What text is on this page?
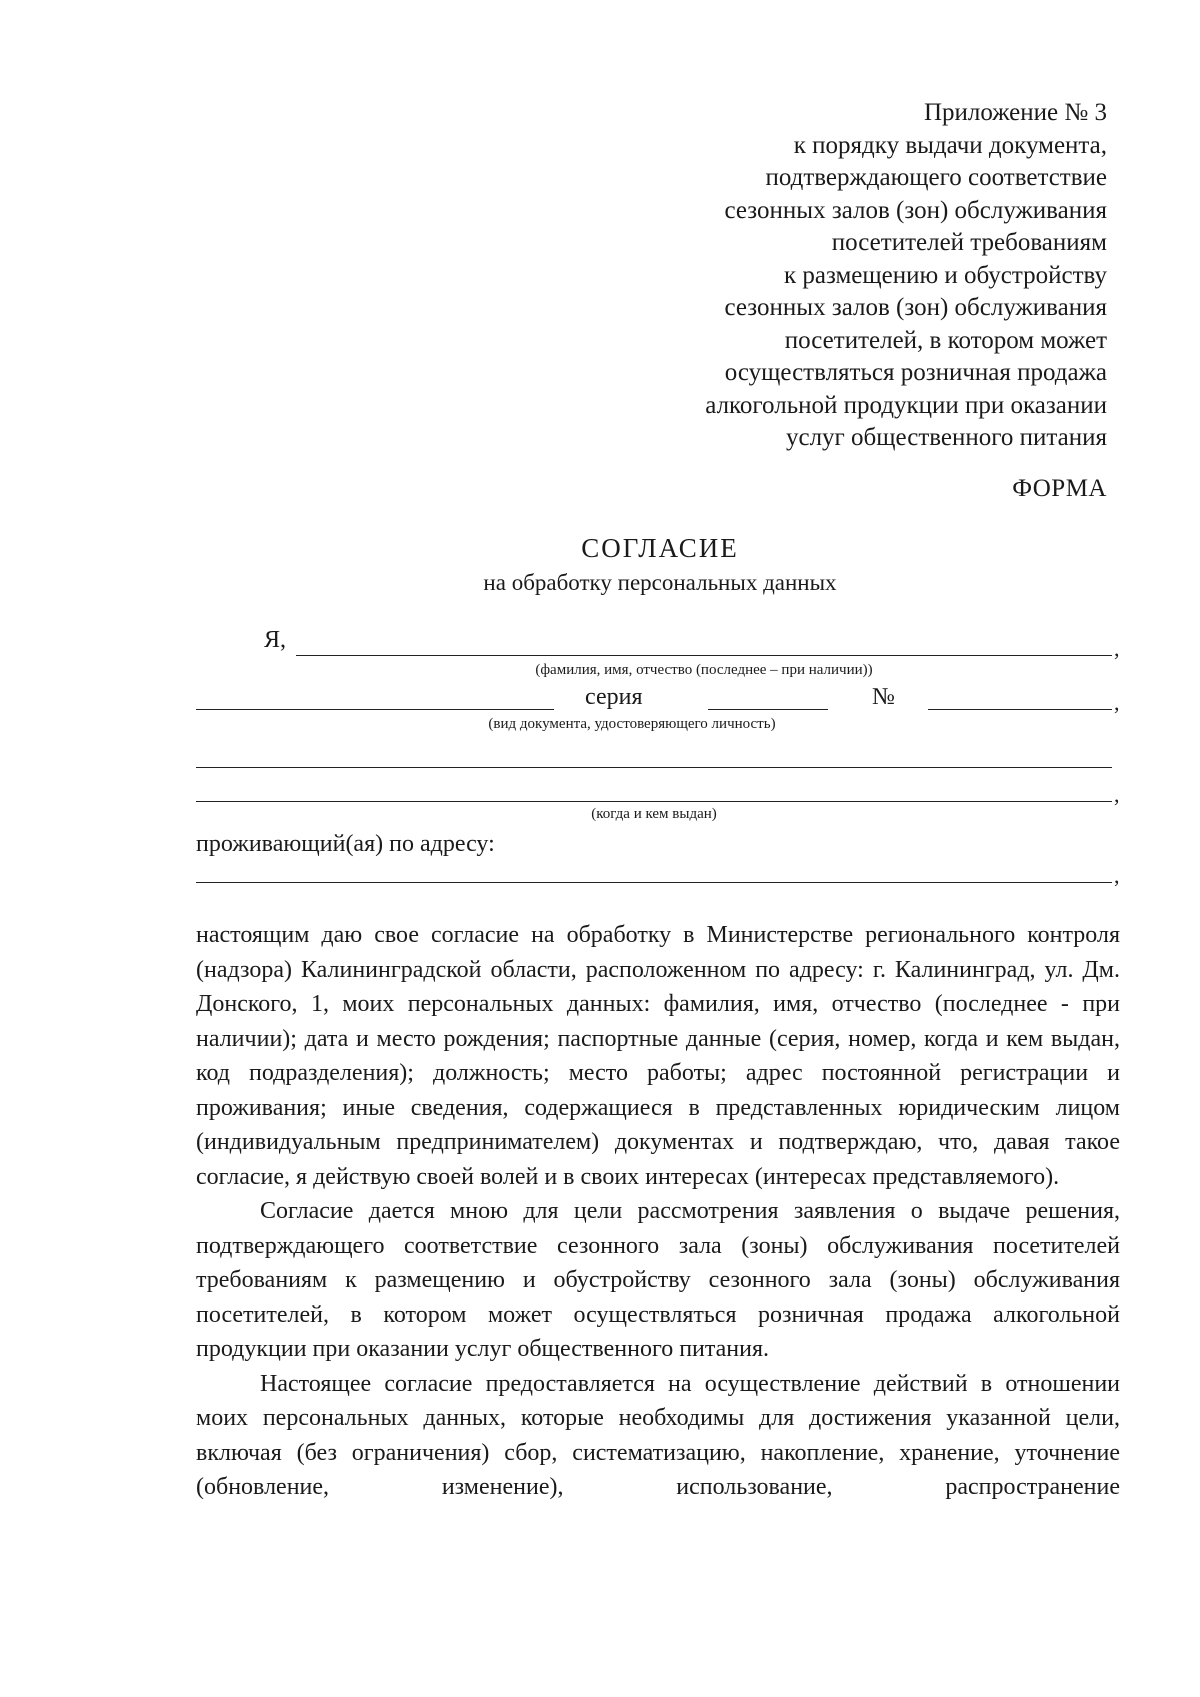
Приложение № 3
к порядку выдачи документа,
подтверждающего соответствие
сезонных залов (зон) обслуживания
посетителей требованиям
к размещению и обустройству
сезонных залов (зон) обслуживания
посетителей, в котором может
осуществляться розничная продажа
алкогольной продукции при оказании
услуг общественного питания
ФОРМА
СОГЛАСИЕ
на обработку персональных данных
Я,	,
(фамилия, имя, отчество (последнее – при наличии))
серия	№	,
(вид документа, удостоверяющего личность)
,
(когда и кем выдан)
проживающий(ая) по адресу:
,

настоящим даю свое согласие на обработку в Министерстве регионального контроля (надзора) Калининградской области, расположенном по адресу: г. Калининград, ул. Дм. Донского, 1, моих персональных данных: фамилия, имя, отчество (последнее - при наличии); дата и место рождения; паспортные данные (серия, номер, когда и кем выдан, код подразделения); должность; место работы; адрес постоянной регистрации и проживания; иные сведения, содержащиеся в представленных юридическим лицом (индивидуальным предпринимателем) документах и подтверждаю, что, давая такое согласие, я действую своей волей и в своих интересах (интересах представляемого).

Согласие дается мною для цели рассмотрения заявления о выдаче решения, подтверждающего соответствие сезонного зала (зоны) обслуживания посетителей требованиям к размещению и обустройству сезонного зала (зоны) обслуживания посетителей, в котором может осуществляться розничная продажа алкогольной продукции при оказании услуг общественного питания.

Настоящее согласие предоставляется на осуществление действий в отношении моих персональных данных, которые необходимы для достижения указанной цели, включая (без ограничения) сбор, систематизацию, накопление, хранение, уточнение (обновление, изменение), использование, распространение
